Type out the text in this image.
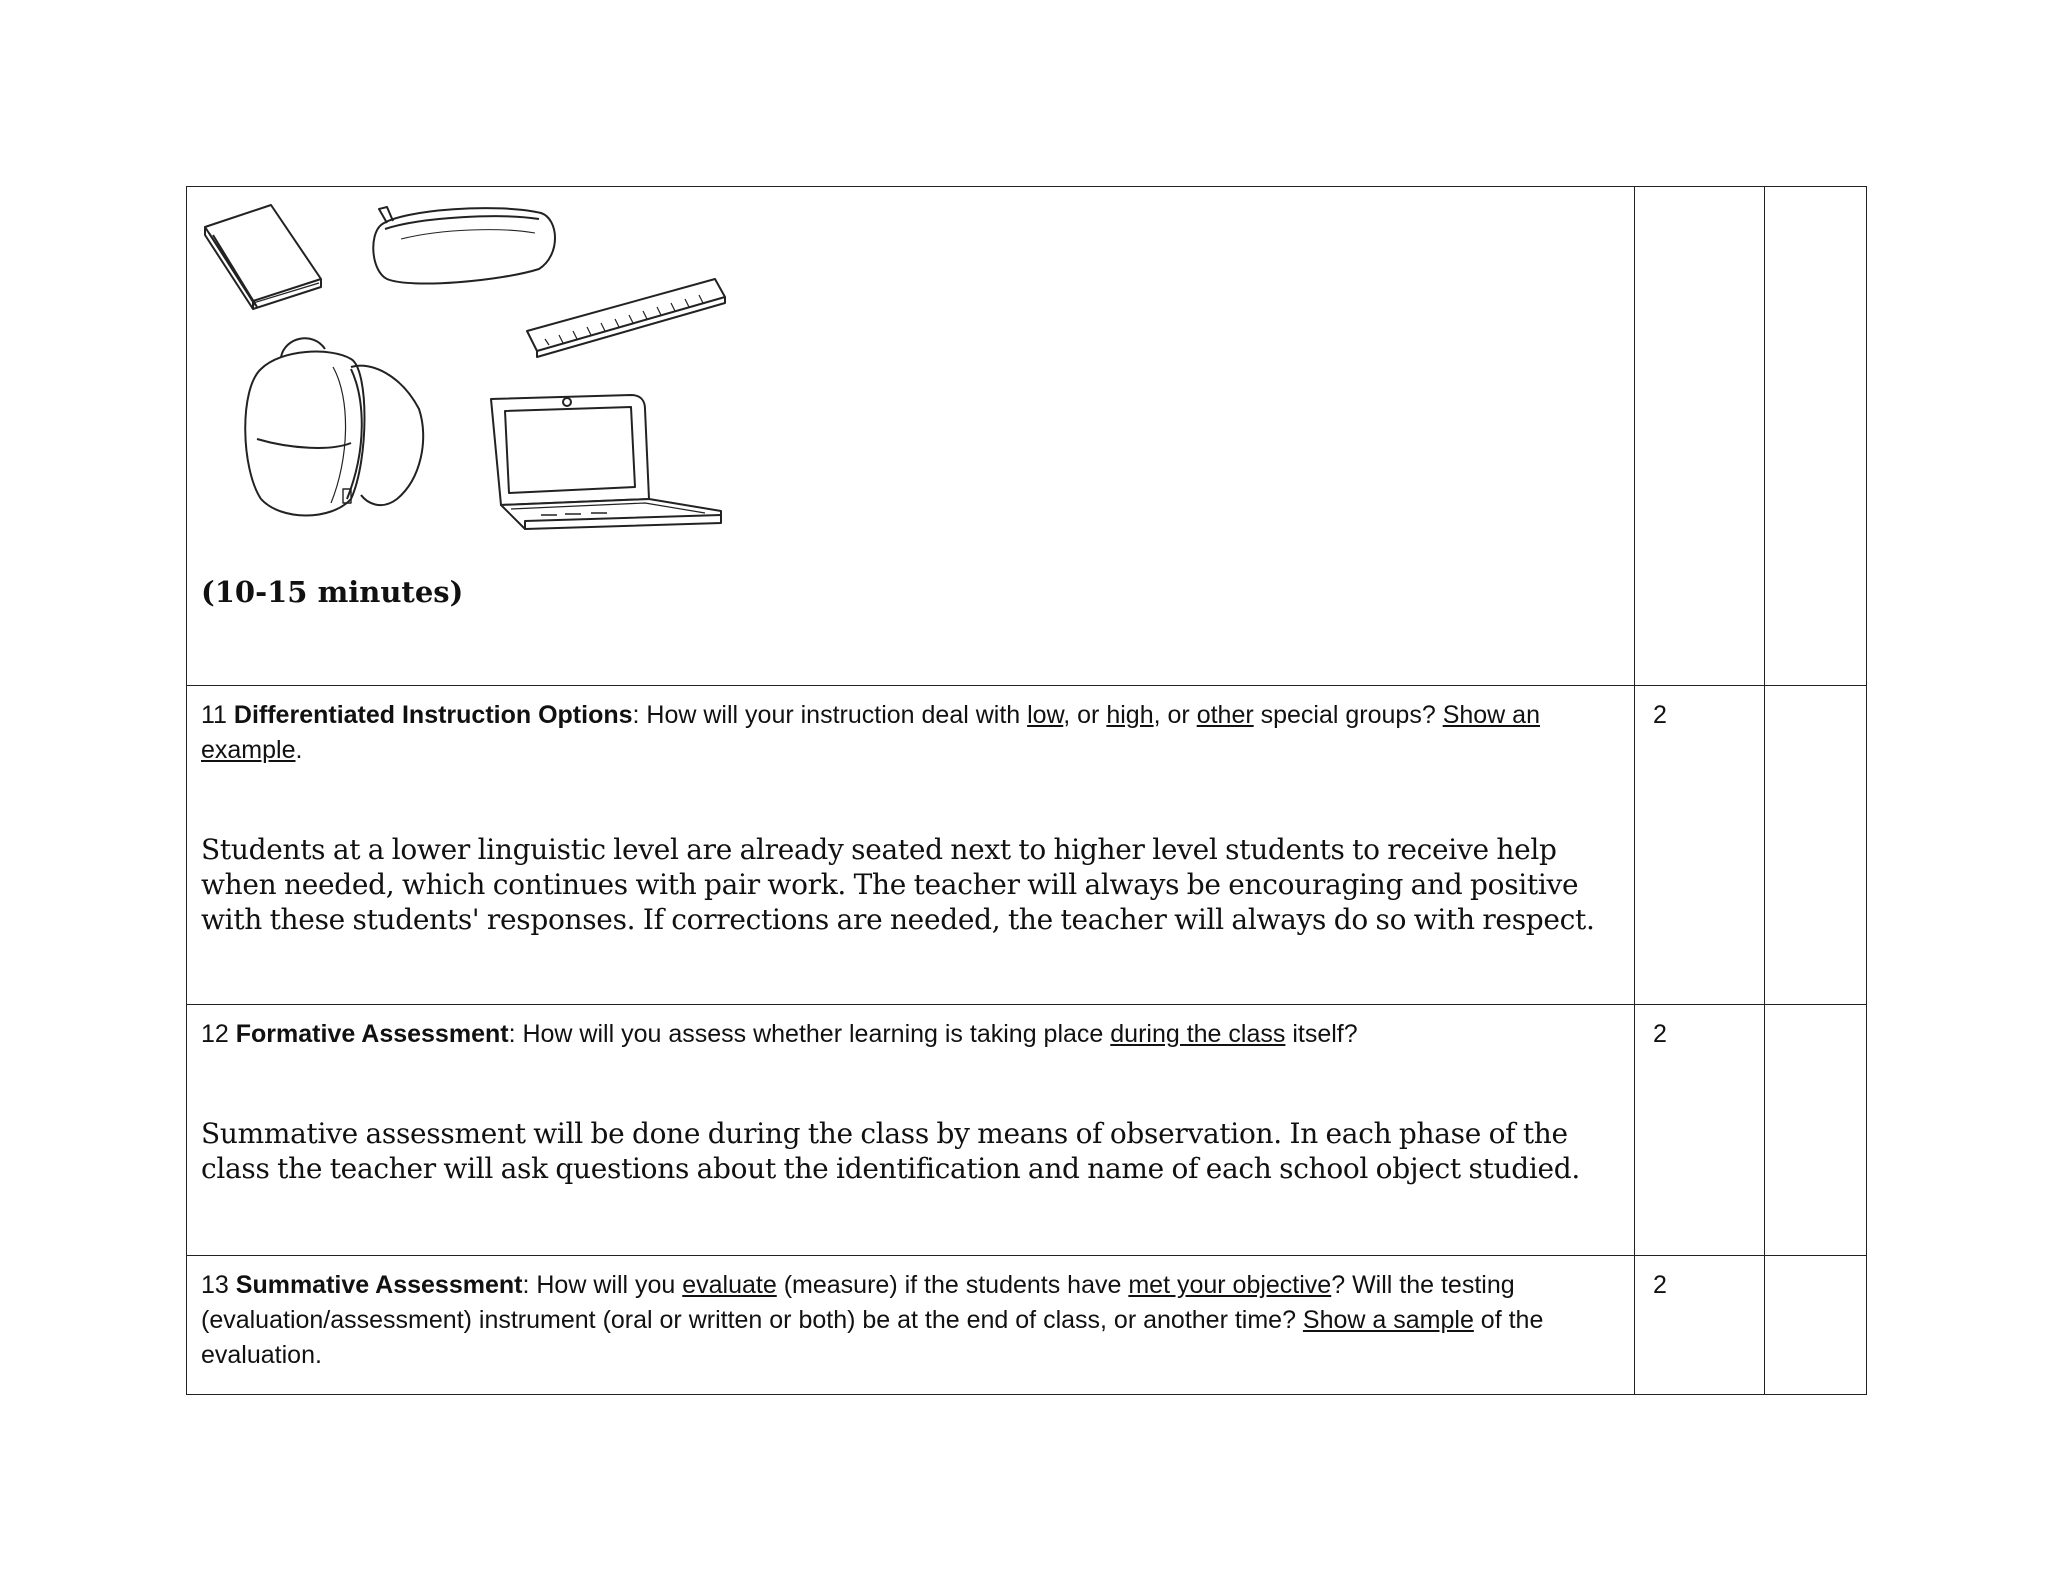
(10-15 minutes)		

11 Differentiated Instruction Options: How will your instruction deal with low, or high, or other special groups? Show an example.
Students at a lower linguistic level are already seated next to higher level students to receive help when needed, which continues with pair work. The teacher will always be encouraging and positive with these students' responses. If corrections are needed, the teacher will always do so with respect.	2	

12 Formative Assessment: How will you assess whether learning is taking place during the class itself?
Summative assessment will be done during the class by means of observation. In each phase of the class the teacher will ask questions about the identification and name of each school object studied.	2	

13 Summative Assessment: How will you evaluate (measure) if the students have met your objective? Will the testing (evaluation/assessment) instrument (oral or written or both) be at the end of class, or another time? Show a sample of the evaluation.	2	
